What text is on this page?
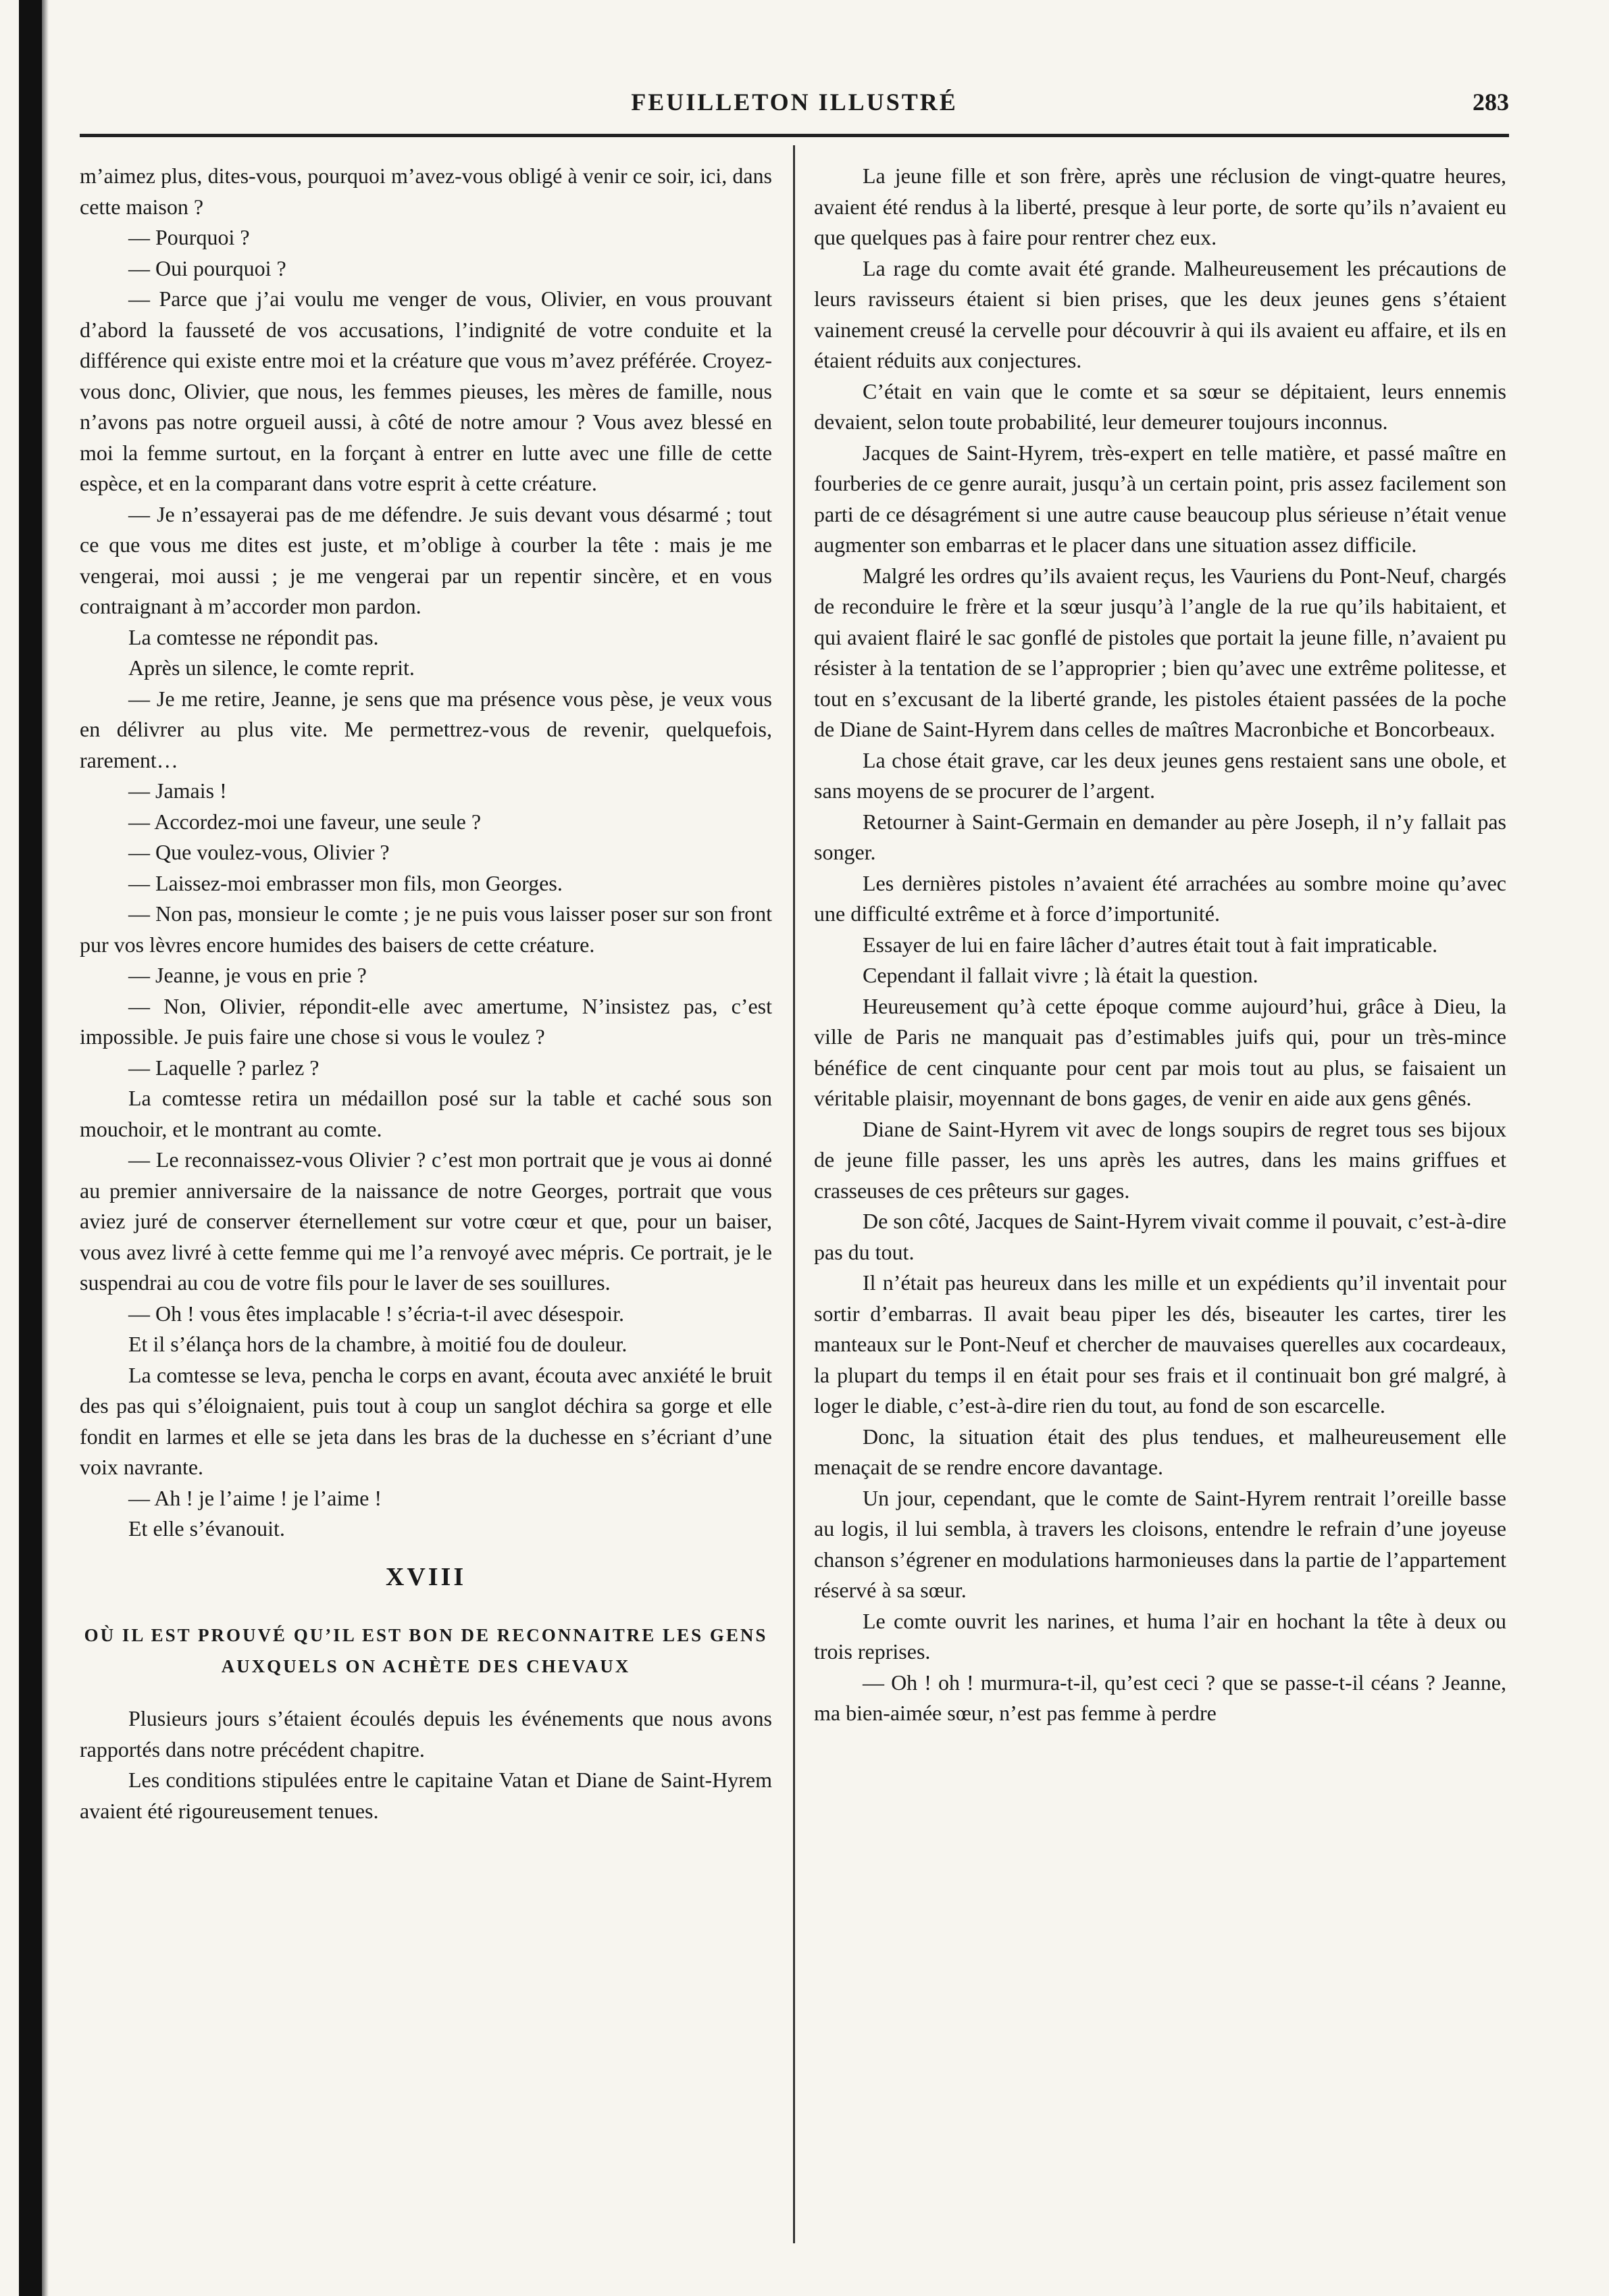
FEUILLETON ILLUSTRÉ	283

m’aimez plus, dites-vous, pourquoi m’avez-vous obligé à venir ce soir, ici, dans cette maison ?

— Pourquoi ?

— Oui pourquoi ?

— Parce que j’ai voulu me venger de vous, Olivier, en vous prouvant d’abord la fausseté de vos accusations, l’indignité de votre conduite et la différence qui existe entre moi et la créature que vous m’avez préférée. Croyez-vous donc, Olivier, que nous, les femmes pieuses, les mères de famille, nous n’avons pas notre orgueil aussi, à côté de notre amour ? Vous avez blessé en moi la femme surtout, en la forçant à entrer en lutte avec une fille de cette espèce, et en la comparant dans votre esprit à cette créature.

— Je n’essayerai pas de me défendre. Je suis devant vous désarmé ; tout ce que vous me dites est juste, et m’oblige à courber la tête : mais je me vengerai, moi aussi ; je me vengerai par un repentir sincère, et en vous contraignant à m’accorder mon pardon.

La comtesse ne répondit pas.

Après un silence, le comte reprit.

— Je me retire, Jeanne, je sens que ma présence vous pèse, je veux vous en délivrer au plus vite. Me permettrez-vous de revenir, quelquefois, rarement…

— Jamais !

— Accordez-moi une faveur, une seule ?

— Que voulez-vous, Olivier ?

— Laissez-moi embrasser mon fils, mon Georges.

— Non pas, monsieur le comte ; je ne puis vous laisser poser sur son front pur vos lèvres encore humides des baisers de cette créature.

— Jeanne, je vous en prie ?

— Non, Olivier, répondit-elle avec amertume, N’insistez pas, c’est impossible. Je puis faire une chose si vous le voulez ?

— Laquelle ? parlez ?

La comtesse retira un médaillon posé sur la table et caché sous son mouchoir, et le montrant au comte.

— Le reconnaissez-vous Olivier ? c’est mon portrait que je vous ai donné au premier anniversaire de la naissance de notre Georges, portrait que vous aviez juré de conserver éternellement sur votre cœur et que, pour un baiser, vous avez livré à cette femme qui me l’a renvoyé avec mépris. Ce portrait, je le suspendrai au cou de votre fils pour le laver de ses souillures.

— Oh ! vous êtes implacable ! s’écria-t-il avec désespoir.

Et il s’élança hors de la chambre, à moitié fou de douleur.

La comtesse se leva, pencha le corps en avant, écouta avec anxiété le bruit des pas qui s’éloignaient, puis tout à coup un sanglot déchira sa gorge et elle fondit en larmes et elle se jeta dans les bras de la duchesse en s’écriant d’une voix navrante.

— Ah ! je l’aime ! je l’aime !

Et elle s’évanouit.

XVIII
OÙ IL EST PROUVÉ QU’IL EST BON DE RECONNAITRE LES GENS AUXQUELS ON ACHÈTE DES CHEVAUX

Plusieurs jours s’étaient écoulés depuis les événements que nous avons rapportés dans notre précédent chapitre.

Les conditions stipulées entre le capitaine Vatan et Diane de Saint-Hyrem avaient été rigoureusement tenues.

La jeune fille et son frère, après une réclusion de vingt-quatre heures, avaient été rendus à la liberté, presque à leur porte, de sorte qu’ils n’avaient eu que quelques pas à faire pour rentrer chez eux.

La rage du comte avait été grande. Malheureusement les précautions de leurs ravisseurs étaient si bien prises, que les deux jeunes gens s’étaient vainement creusé la cervelle pour découvrir à qui ils avaient eu affaire, et ils en étaient réduits aux conjectures.

C’était en vain que le comte et sa sœur se dépitaient, leurs ennemis devaient, selon toute probabilité, leur demeurer toujours inconnus.

Jacques de Saint-Hyrem, très-expert en telle matière, et passé maître en fourberies de ce genre aurait, jusqu’à un certain point, pris assez facilement son parti de ce désagrément si une autre cause beaucoup plus sérieuse n’était venue augmenter son embarras et le placer dans une situation assez difficile.

Malgré les ordres qu’ils avaient reçus, les Vauriens du Pont-Neuf, chargés de reconduire le frère et la sœur jusqu’à l’angle de la rue qu’ils habitaient, et qui avaient flairé le sac gonflé de pistoles que portait la jeune fille, n’avaient pu résister à la tentation de se l’approprier ; bien qu’avec une extrême politesse, et tout en s’excusant de la liberté grande, les pistoles étaient passées de la poche de Diane de Saint-Hyrem dans celles de maîtres Macronbiche et Boncorbeaux.

La chose était grave, car les deux jeunes gens restaient sans une obole, et sans moyens de se procurer de l’argent.

Retourner à Saint-Germain en demander au père Joseph, il n’y fallait pas songer.

Les dernières pistoles n’avaient été arrachées au sombre moine qu’avec une difficulté extrême et à force d’importunité.

Essayer de lui en faire lâcher d’autres était tout à fait impraticable.

Cependant il fallait vivre ; là était la question.

Heureusement qu’à cette époque comme aujourd’hui, grâce à Dieu, la ville de Paris ne manquait pas d’estimables juifs qui, pour un très-mince bénéfice de cent cinquante pour cent par mois tout au plus, se faisaient un véritable plaisir, moyennant de bons gages, de venir en aide aux gens gênés.

Diane de Saint-Hyrem vit avec de longs soupirs de regret tous ses bijoux de jeune fille passer, les uns après les autres, dans les mains griffues et crasseuses de ces prêteurs sur gages.

De son côté, Jacques de Saint-Hyrem vivait comme il pouvait, c’est-à-dire pas du tout.

Il n’était pas heureux dans les mille et un expédients qu’il inventait pour sortir d’embarras. Il avait beau piper les dés, biseauter les cartes, tirer les manteaux sur le Pont-Neuf et chercher de mauvaises querelles aux cocardeaux, la plupart du temps il en était pour ses frais et il continuait bon gré malgré, à loger le diable, c’est-à-dire rien du tout, au fond de son escarcelle.

Donc, la situation était des plus tendues, et malheureusement elle menaçait de se rendre encore davantage.

Un jour, cependant, que le comte de Saint-Hyrem rentrait l’oreille basse au logis, il lui sembla, à travers les cloisons, entendre le refrain d’une joyeuse chanson s’égrener en modulations harmonieuses dans la partie de l’appartement réservé à sa sœur.

Le comte ouvrit les narines, et huma l’air en hochant la tête à deux ou trois reprises.

— Oh ! oh ! murmura-t-il, qu’est ceci ? que se passe-t-il céans ? Jeanne, ma bien-aimée sœur, n’est pas femme à perdre
